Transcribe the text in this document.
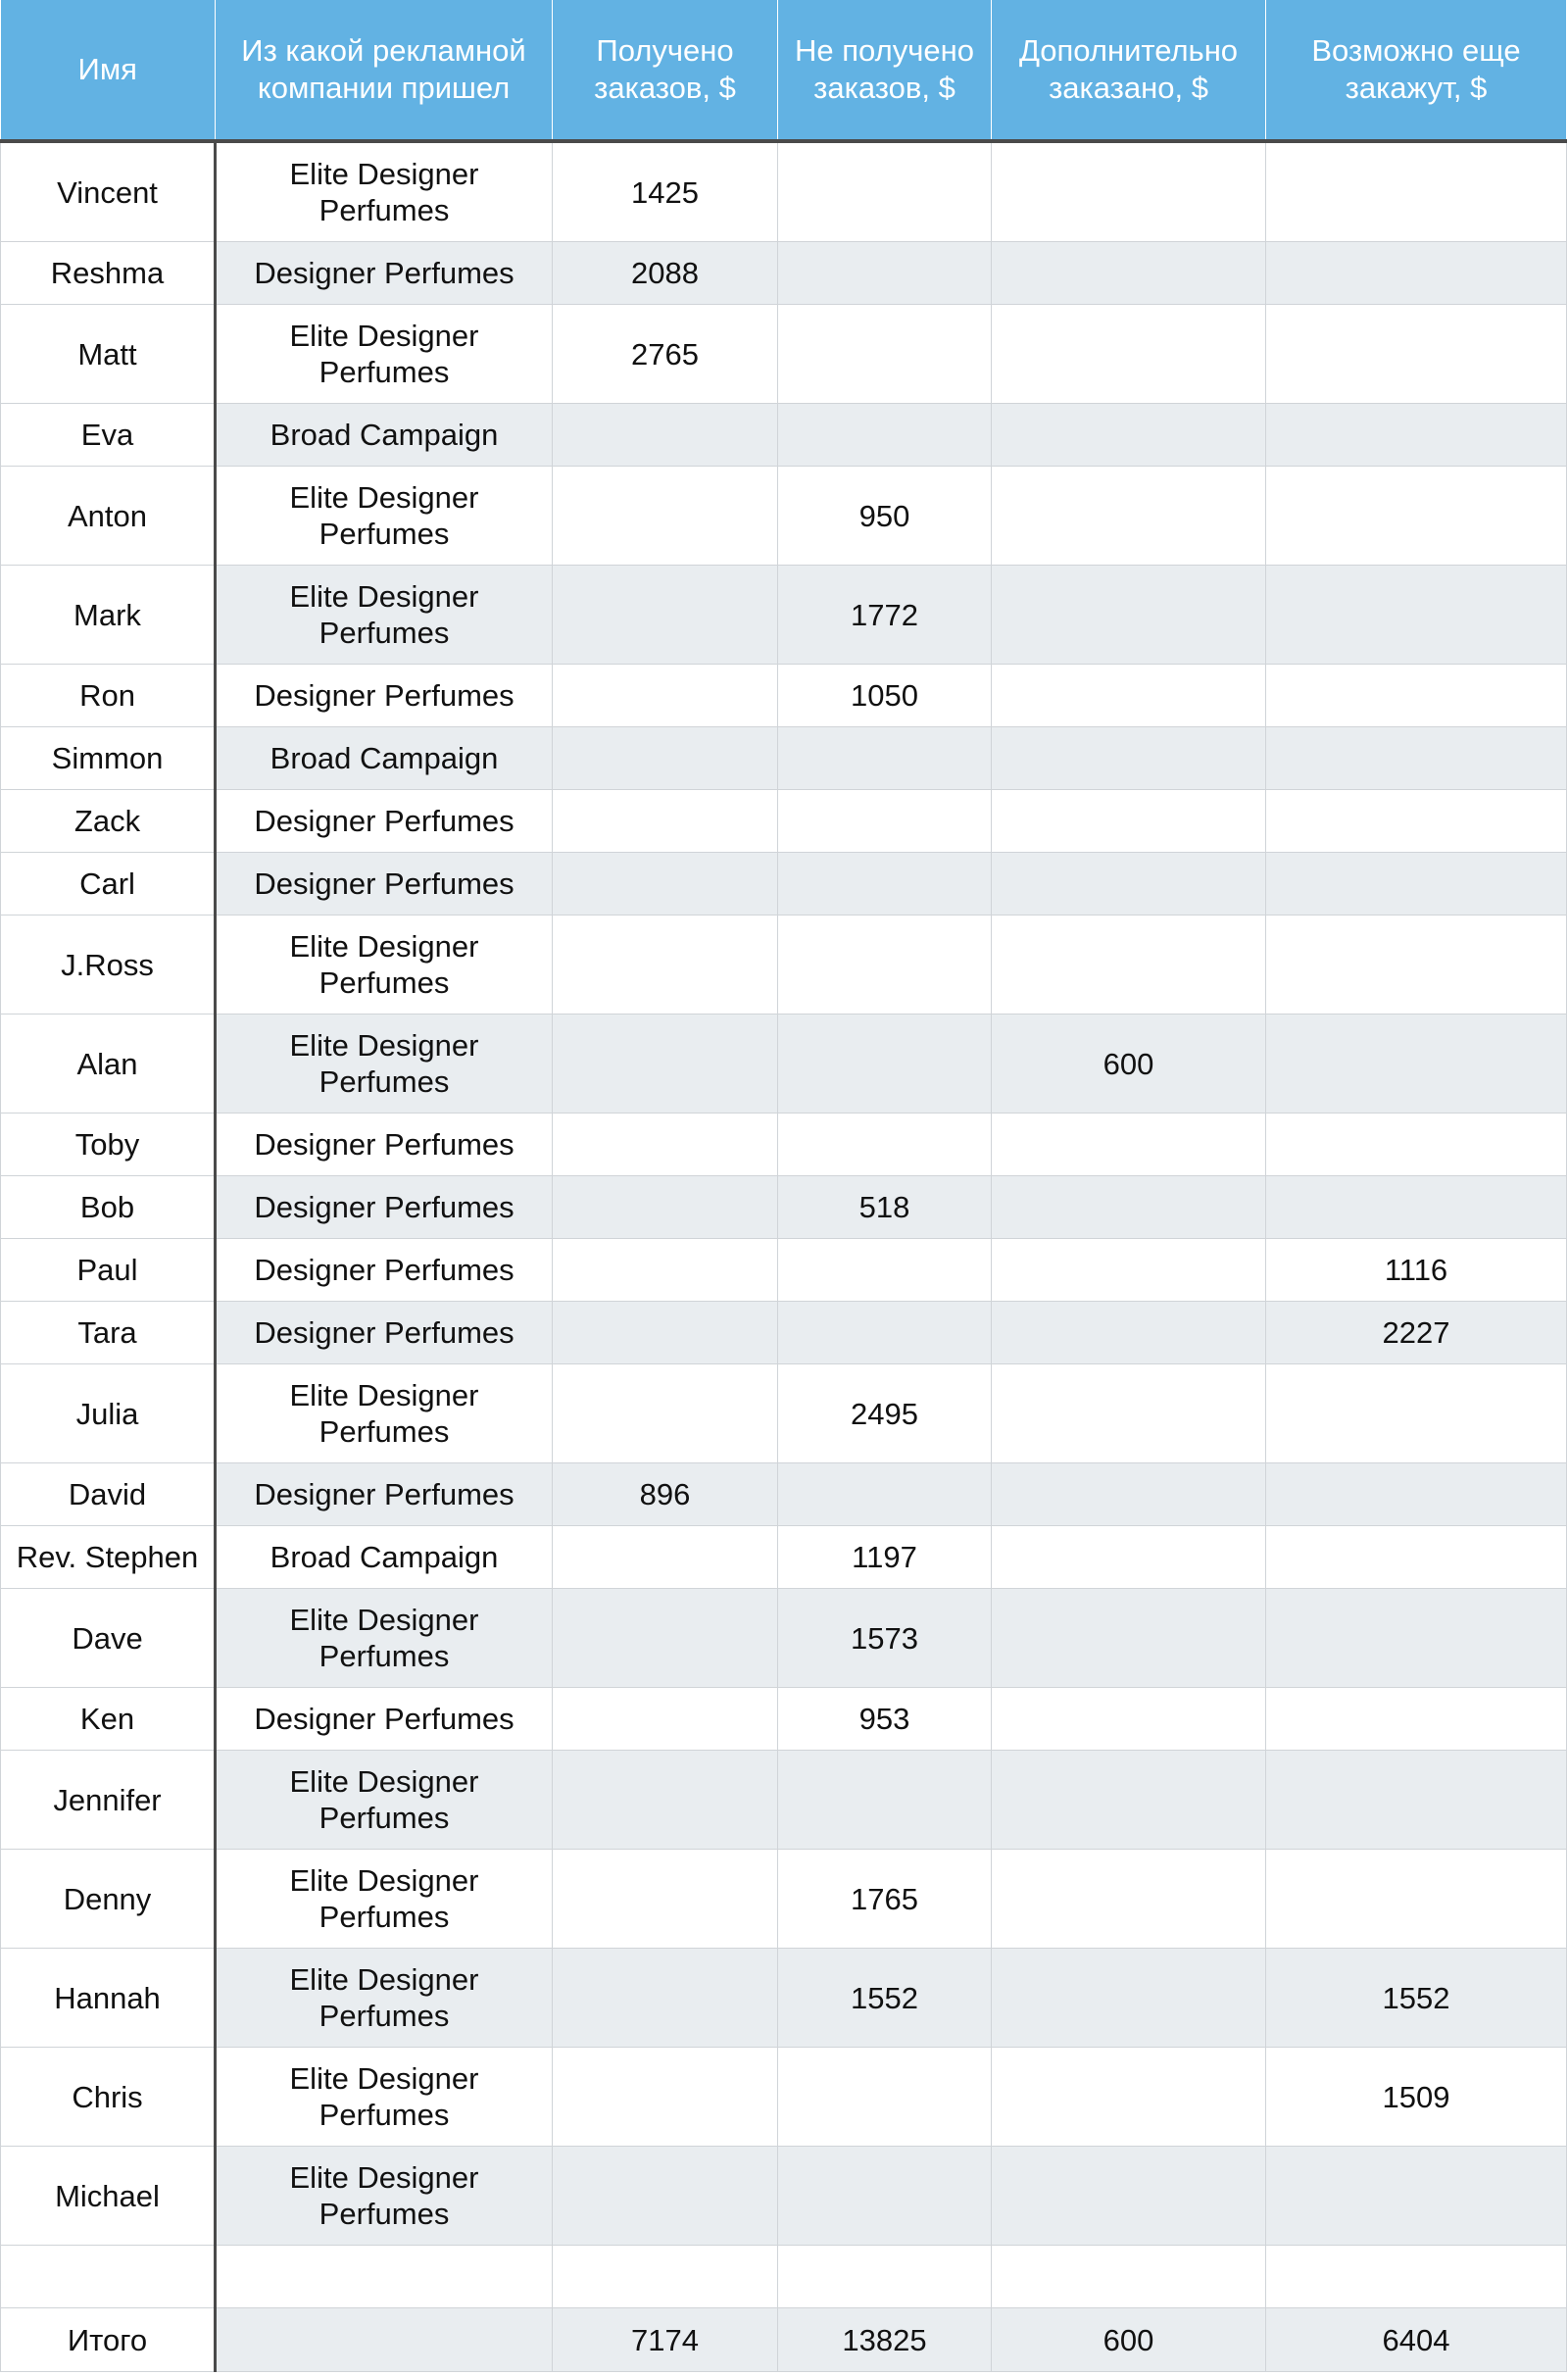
Имя	Из какой рекламной компании пришел	Получено заказов, $	Не получено заказов, $	Дополнительно заказано, $	Возможно еще закажут, $
Vincent	Elite Designer Perfumes	1425			
Reshma	Designer Perfumes	2088			
Matt	Elite Designer Perfumes	2765			
Eva	Broad Campaign				
Anton	Elite Designer Perfumes		950		
Mark	Elite Designer Perfumes		1772		
Ron	Designer Perfumes		1050		
Simmon	Broad Campaign				
Zack	Designer Perfumes				
Carl	Designer Perfumes				
J.Ross	Elite Designer Perfumes				
Alan	Elite Designer Perfumes			600	
Toby	Designer Perfumes				
Bob	Designer Perfumes		518		
Paul	Designer Perfumes				1116
Tara	Designer Perfumes				2227
Julia	Elite Designer Perfumes		2495		
David	Designer Perfumes	896			
Rev. Stephen	Broad Campaign		1197		
Dave	Elite Designer Perfumes		1573		
Ken	Designer Perfumes		953		
Jennifer	Elite Designer Perfumes				
Denny	Elite Designer Perfumes		1765		
Hannah	Elite Designer Perfumes		1552		1552
Chris	Elite Designer Perfumes				1509
Michael	Elite Designer Perfumes				

Итого		7174	13825	600	6404
